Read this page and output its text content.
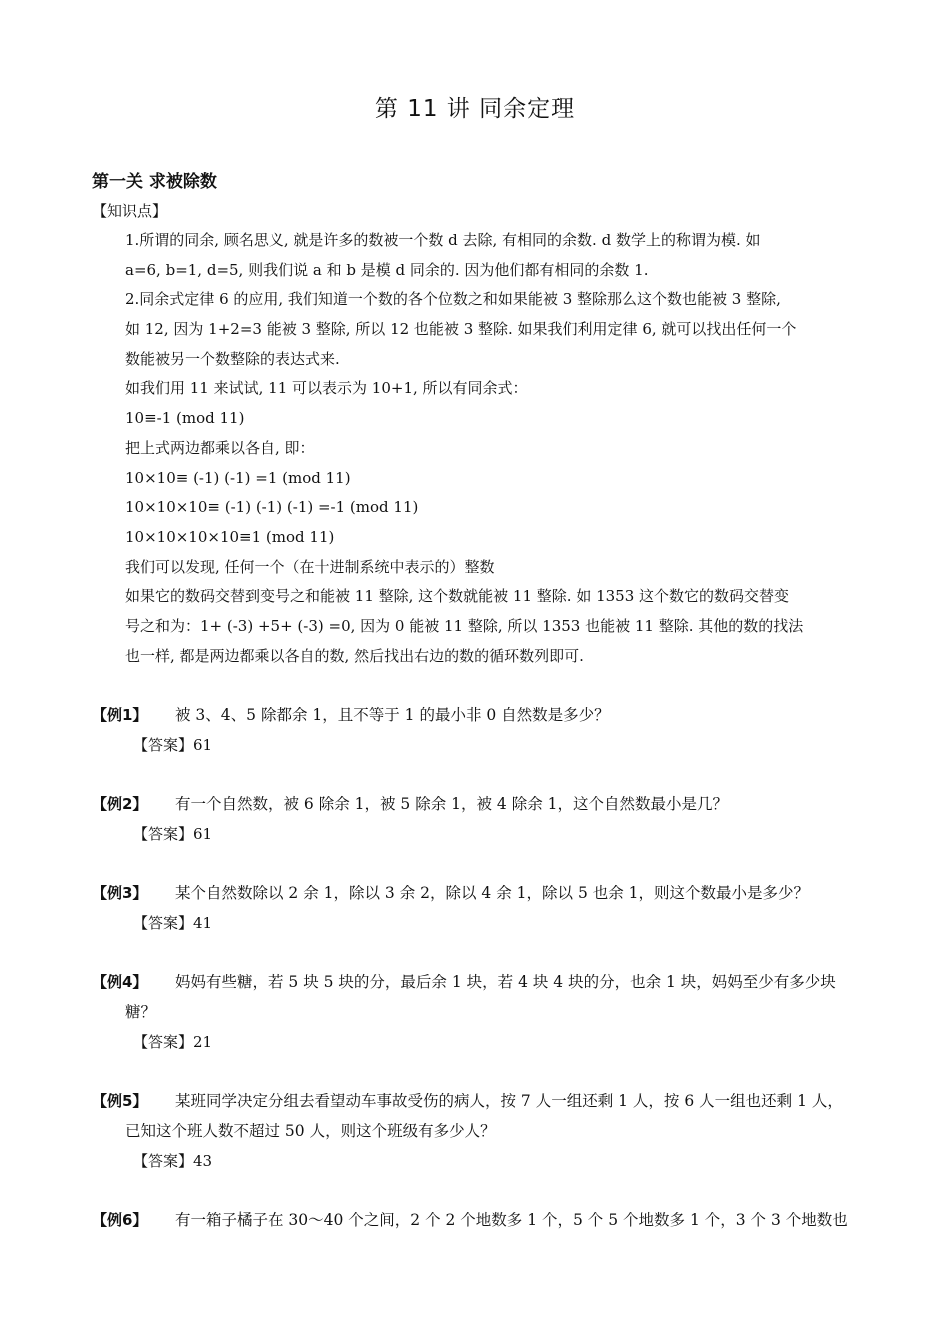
第 11 讲 同余定理
第一关 求被除数
【知识点】
1.所谓的同余, 顾名思义, 就是许多的数被一个数 d 去除, 有相同的余数. d 数学上的称谓为模. 如
a=6, b=1, d=5, 则我们说 a 和 b 是模 d 同余的. 因为他们都有相同的余数 1.
2.同余式定律 6 的应用, 我们知道一个数的各个位数之和如果能被 3 整除那么这个数也能被 3 整除,
如 12, 因为 1+2=3 能被 3 整除, 所以 12 也能被 3 整除. 如果我们利用定律 6, 就可以找出任何一个
数能被另一个数整除的表达式来.
如我们用 11 来试试, 11 可以表示为 10+1, 所以有同余式：
10≡-1 (mod 11)
把上式两边都乘以各自, 即：
10×10≡ (-1) (-1) =1 (mod 11)
10×10×10≡ (-1) (-1) (-1) =-1 (mod 11)
10×10×10×10≡1 (mod 11)
我们可以发现, 任何一个（在十进制系统中表示的）整数
如果它的数码交替到变号之和能被 11 整除, 这个数就能被 11 整除. 如 1353 这个数它的数码交替变
号之和为：1+ (-3) +5+ (-3) =0, 因为 0 能被 11 整除, 所以 1353 也能被 11 整除. 其他的数的找法
也一样, 都是两边都乘以各自的数, 然后找出右边的数的循环数列即可.
【例1】 被 3、4、5 除都余 1，且不等于 1 的最小非 0 自然数是多少？
【答案】61
【例2】 有一个自然数，被 6 除余 1，被 5 除余 1，被 4 除余 1，这个自然数最小是几？
【答案】61
【例3】 某个自然数除以 2 余 1，除以 3 余 2，除以 4 余 1，除以 5 也余 1，则这个数最小是多少？
【答案】41
【例4】 妈妈有些糖，若 5 块 5 块的分，最后余 1 块，若 4 块 4 块的分，也余 1 块，妈妈至少有多少块
糖？
【答案】21
【例5】 某班同学决定分组去看望动车事故受伤的病人，按 7 人一组还剩 1 人，按 6 人一组也还剩 1 人，
已知这个班人数不超过 50 人，则这个班级有多少人？
【答案】43
【例6】 有一箱子橘子在 30～40 个之间，2 个 2 个地数多 1 个，5 个 5 个地数多 1 个，3 个 3 个地数也
